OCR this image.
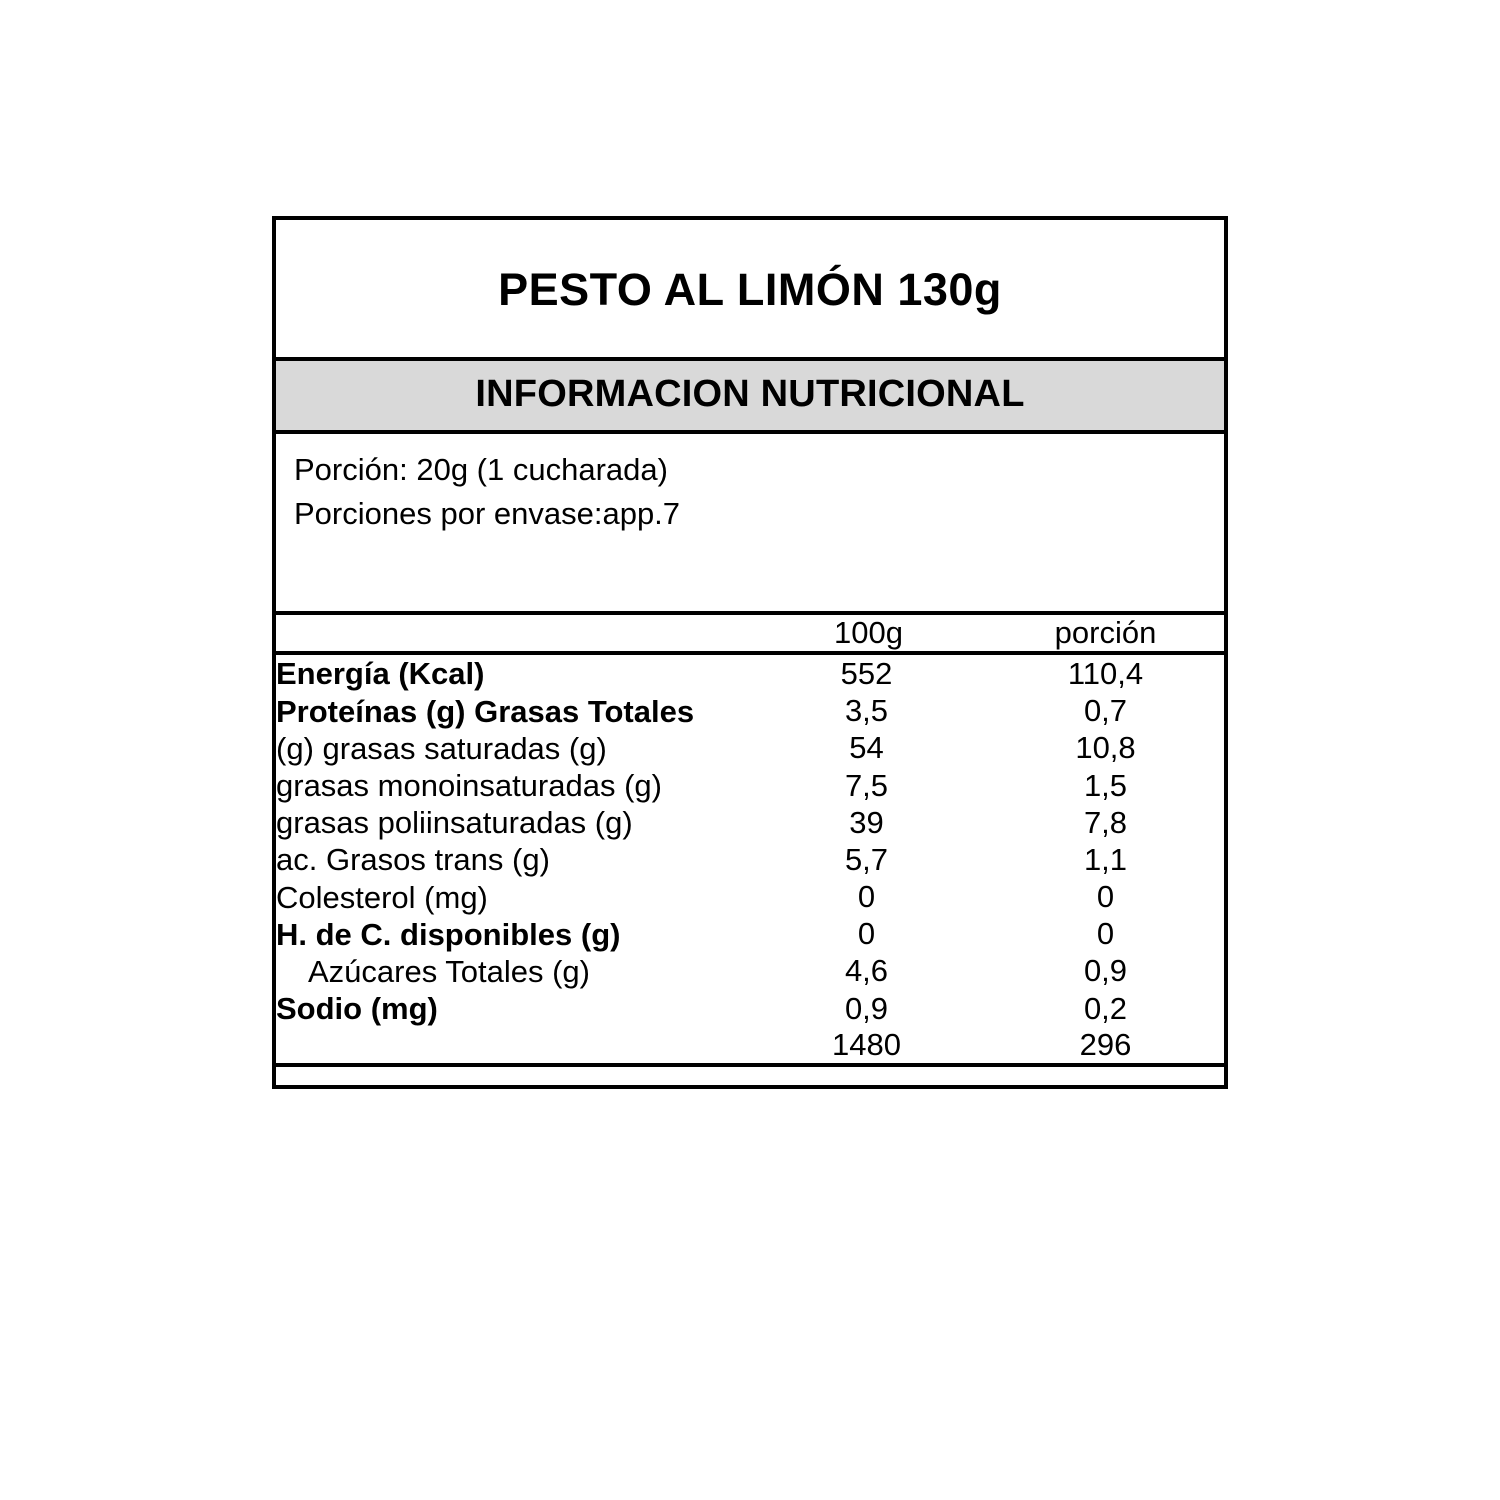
PESTO AL LIMÓN 130g
INFORMACION NUTRICIONAL
Porción: 20g (1 cucharada)
Porciones por envase:app.7
	100g	porción

Energía (Kcal)	552	110,4
Proteínas (g) Grasas Totales	3,5	0,7
(g) grasas saturadas (g)	54	10,8
grasas monoinsaturadas (g)	7,5	1,5
grasas poliinsaturadas (g)	39	7,8
ac. Grasos trans (g)	5,7	1,1
Colesterol (mg)	0	0
H. de C. disponibles (g)	0	0
Azúcares Totales (g)	4,6	0,9
Sodio (mg)	0,9	0,2
	1480	296
